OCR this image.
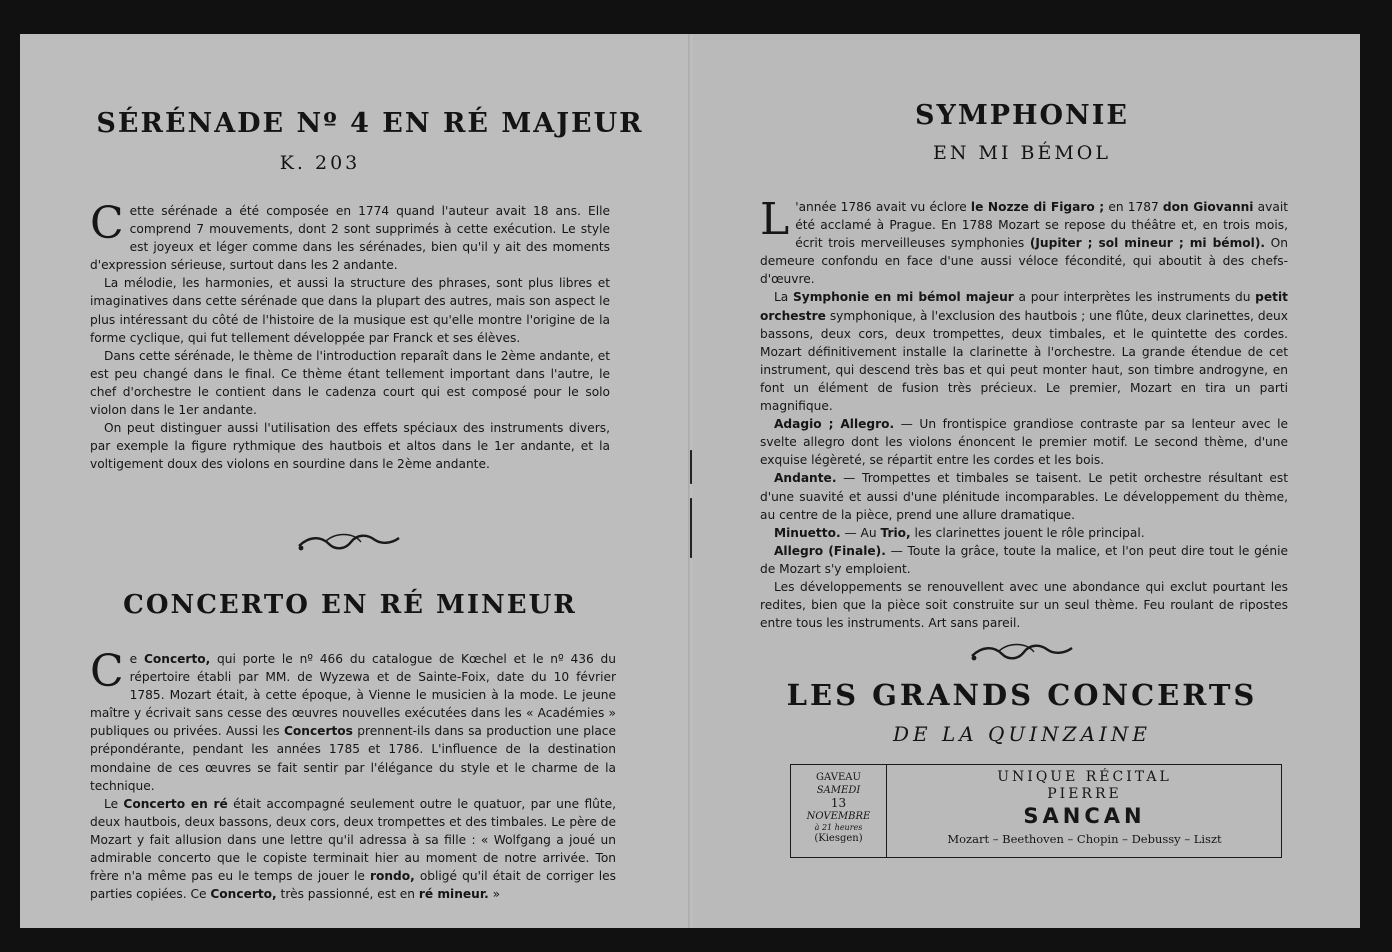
SÉRÉNADE Nº 4 EN RÉ MAJEUR
K. 203

Cette sérénade a été composée en 1774 quand l'auteur avait 18 ans. Elle comprend 7 mouvements, dont 2 sont supprimés à cette exécution. Le style est joyeux et léger comme dans les sérénades, bien qu'il y ait des moments d'expression sérieuse, surtout dans les 2 andante.

La mélodie, les harmonies, et aussi la structure des phrases, sont plus libres et imaginatives dans cette sérénade que dans la plupart des autres, mais son aspect le plus intéressant du côté de l'histoire de la musique est qu'elle montre l'origine de la forme cyclique, qui fut tellement développée par Franck et ses élèves.

Dans cette sérénade, le thème de l'introduction reparaît dans le 2ème andante, et est peu changé dans le final. Ce thème étant tellement important dans l'autre, le chef d'orchestre le contient dans le cadenza court qui est composé pour le solo violon dans le 1er andante.

On peut distinguer aussi l'utilisation des effets spéciaux des instruments divers, par exemple la figure rythmique des hautbois et altos dans le 1er andante, et la voltigement doux des violons en sourdine dans le 2ème andante.

CONCERTO EN RÉ MINEUR

Ce Concerto, qui porte le nº 466 du catalogue de Kœchel et le nº 436 du répertoire établi par MM. de Wyzewa et de Sainte-Foix, date du 10 février 1785. Mozart était, à cette époque, à Vienne le musicien à la mode. Le jeune maître y écrivait sans cesse des œuvres nouvelles exécutées dans les « Académies » publiques ou privées. Aussi les Concertos prennent-ils dans sa production une place prépondérante, pendant les années 1785 et 1786. L'influence de la destination mondaine de ces œuvres se fait sentir par l'élégance du style et le charme de la technique.

Le Concerto en ré était accompagné seulement outre le quatuor, par une flûte, deux hautbois, deux bassons, deux cors, deux trompettes et des timbales. Le père de Mozart y fait allusion dans une lettre qu'il adressa à sa fille : « Wolfgang a joué un admirable concerto que le copiste terminait hier au moment de notre arrivée. Ton frère n'a même pas eu le temps de jouer le rondo, obligé qu'il était de corriger les parties copiées. Ce Concerto, très passionné, est en ré mineur. »

SYMPHONIE
EN MI BÉMOL

L 'année 1786 avait vu éclore le Nozze di Figaro ; en 1787 don Giovanni avait été acclamé à Prague. En 1788 Mozart se repose du théâtre et, en trois mois, écrit trois merveilleuses symphonies (Jupiter ; sol mineur ; mi bémol). On demeure confondu en face d'une aussi véloce fécondité, qui aboutit à des chefs-d'œuvre.

La Symphonie en mi bémol majeur a pour interprètes les instruments du petit orchestre symphonique, à l'exclusion des hautbois ; une flûte, deux clarinettes, deux bassons, deux cors, deux trompettes, deux timbales, et le quintette des cordes. Mozart définitivement installe la clarinette à l'orchestre. La grande étendue de cet instrument, qui descend très bas et qui peut monter haut, son timbre androgyne, en font un élément de fusion très précieux. Le premier, Mozart en tira un parti magnifique.

Adagio ; Allegro. — Un frontispice grandiose contraste par sa lenteur avec le svelte allegro dont les violons énoncent le premier motif. Le second thème, d'une exquise légèreté, se répartit entre les cordes et les bois.

Andante. — Trompettes et timbales se taisent. Le petit orchestre résultant est d'une suavité et aussi d'une plénitude incomparables. Le développement du thème, au centre de la pièce, prend une allure dramatique.

Minuetto. — Au Trio, les clarinettes jouent le rôle principal.

Allegro (Finale). — Toute la grâce, toute la malice, et l'on peut dire tout le génie de Mozart s'y emploient.

Les développements se renouvellent avec une abondance qui exclut pourtant les redites, bien que la pièce soit construite sur un seul thème. Feu roulant de ripostes entre tous les instruments. Art sans pareil.

LES GRANDS CONCERTS
DE LA QUINZAINE
GAVEAU
SAMEDI
13
NOVEMBRE
à 21 heures
(Kiesgen)
UNIQUE RÉCITAL
PIERRE
SANCAN
Mozart – Beethoven – Chopin – Debussy – Liszt
